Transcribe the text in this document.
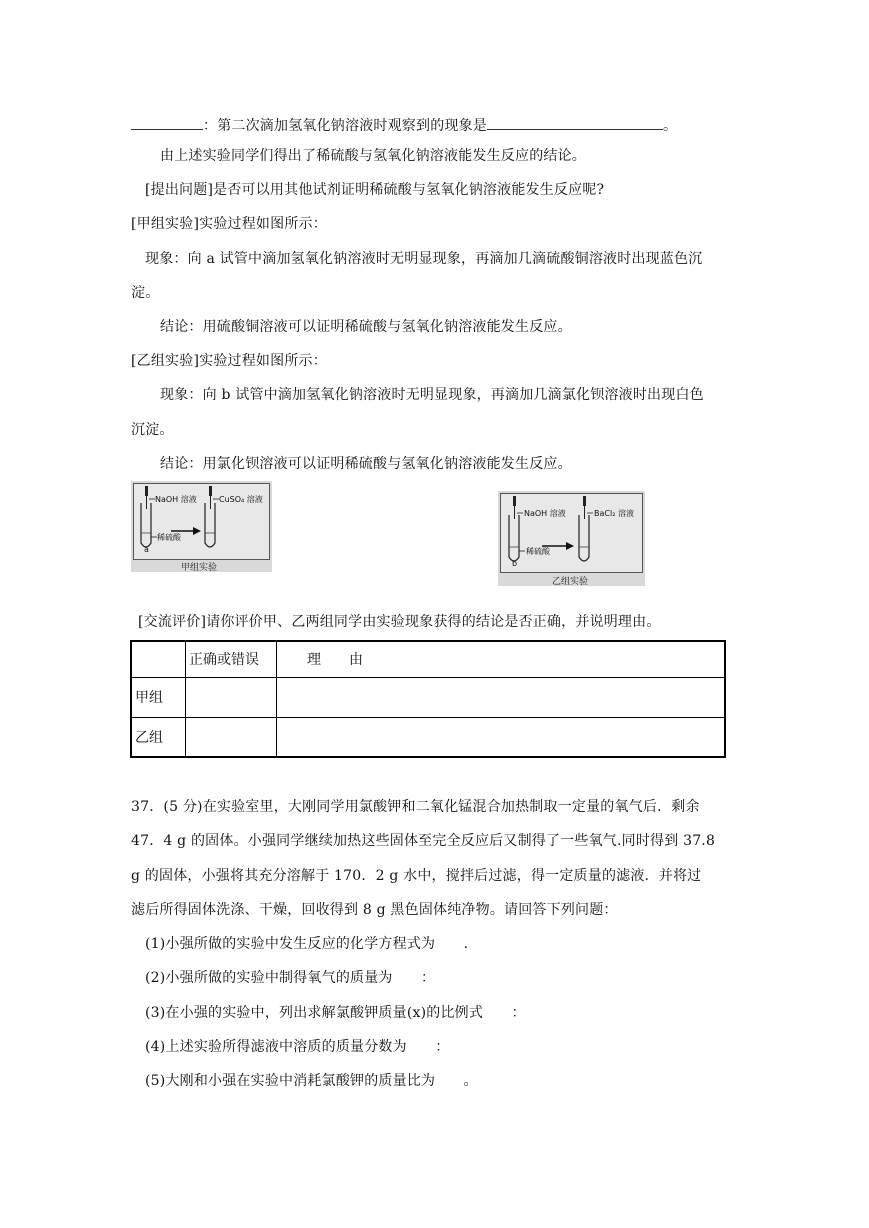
：第二次滴加氢氧化钠溶液时观察到的现象是	。
由上述实验同学们得出了稀硫酸与氢氧化钠溶液能发生反应的结论。
[提出问题]是否可以用其他试剂证明稀硫酸与氢氧化钠溶液能发生反应呢?
[甲组实验]实验过程如图所示：
现象：向 a 试管中滴加氢氧化钠溶液时无明显现象，再滴加几滴硫酸铜溶液时出现蓝色沉
淀。
结论：用硫酸铜溶液可以证明稀硫酸与氢氧化钠溶液能发生反应。
[乙组实验]实验过程如图所示：
现象：向 b 试管中滴加氢氧化钠溶液时无明显现象，再滴加几滴氯化钡溶液时出现白色
沉淀。
结论：用氯化钡溶液可以证明稀硫酸与氢氧化钠溶液能发生反应。
NaOH 溶液	CuSO₄ 溶液
稀硫酸
a
甲组实验
NaOH 溶液	BaCl₂ 溶液
稀硫酸
b
乙组实验
[交流评价]请你评价甲、乙两组同学由实验现象获得的结论是否正确，并说明理由。
	正确或错误	理　　由
甲组		
乙组		
37．(5 分)在实验室里，大刚同学用氯酸钾和二氧化锰混合加热制取一定量的氧气后．剩余
47．4 g 的固体。小强同学继续加热这些固体至完全反应后又制得了一些氧气.同时得到 37.8
g 的固体，小强将其充分溶解于 170．2 g 水中，搅拌后过滤，得一定质量的滤液．并将过
滤后所得固体洗涤、干燥，回收得到 8 g 黑色固体纯净物。请回答下列问题：
(1)小强所做的实验中发生反应的化学方程式为　　.
(2)小强所做的实验中制得氧气的质量为　　：
(3)在小强的实验中，列出求解氯酸钾质量(x)的比例式　　：
(4)上述实验所得滤液中溶质的质量分数为　　：
(5)大刚和小强在实验中消耗氯酸钾的质量比为　　。
